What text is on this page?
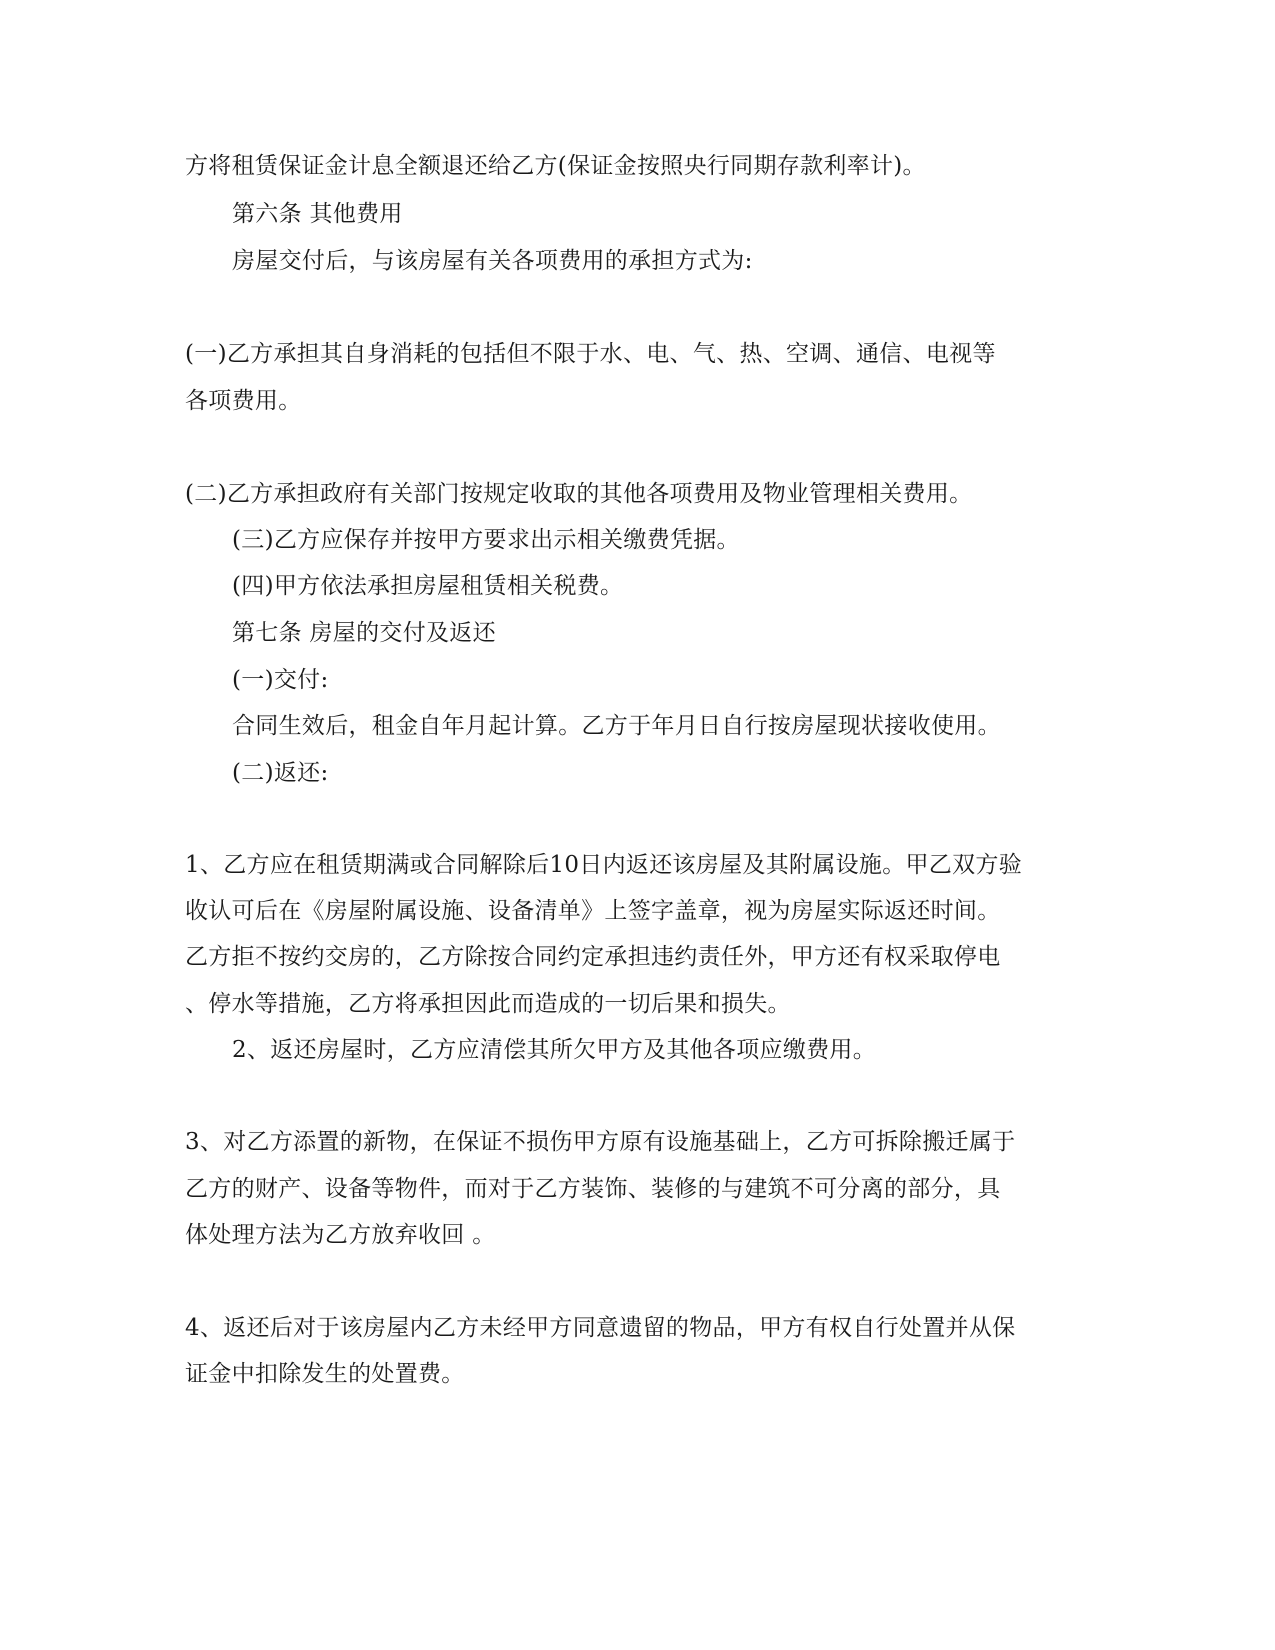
方将租赁保证金计息全额退还给乙方(保证金按照央行同期存款利率计)。

第六条 其他费用

房屋交付后，与该房屋有关各项费用的承担方式为:

(一)乙方承担其自身消耗的包括但不限于水、电、气、热、空调、通信、电视等

各项费用。

(二)乙方承担政府有关部门按规定收取的其他各项费用及物业管理相关费用。

(三)乙方应保存并按甲方要求出示相关缴费凭据。

(四)甲方依法承担房屋租赁相关税费。

第七条 房屋的交付及返还

(一)交付:

合同生效后，租金自年月起计算。乙方于年月日自行按房屋现状接收使用。

(二)返还:

1、乙方应在租赁期满或合同解除后10日内返还该房屋及其附属设施。甲乙双方验

收认可后在《房屋附属设施、设备清单》上签字盖章，视为房屋实际返还时间。

乙方拒不按约交房的，乙方除按合同约定承担违约责任外，甲方还有权采取停电

、停水等措施，乙方将承担因此而造成的一切后果和损失。

2、返还房屋时，乙方应清偿其所欠甲方及其他各项应缴费用。

3、对乙方添置的新物，在保证不损伤甲方原有设施基础上，乙方可拆除搬迁属于

乙方的财产、设备等物件，而对于乙方装饰、装修的与建筑不可分离的部分，具

体处理方法为乙方放弃收回 。

4、返还后对于该房屋内乙方未经甲方同意遗留的物品，甲方有权自行处置并从保

证金中扣除发生的处置费。
